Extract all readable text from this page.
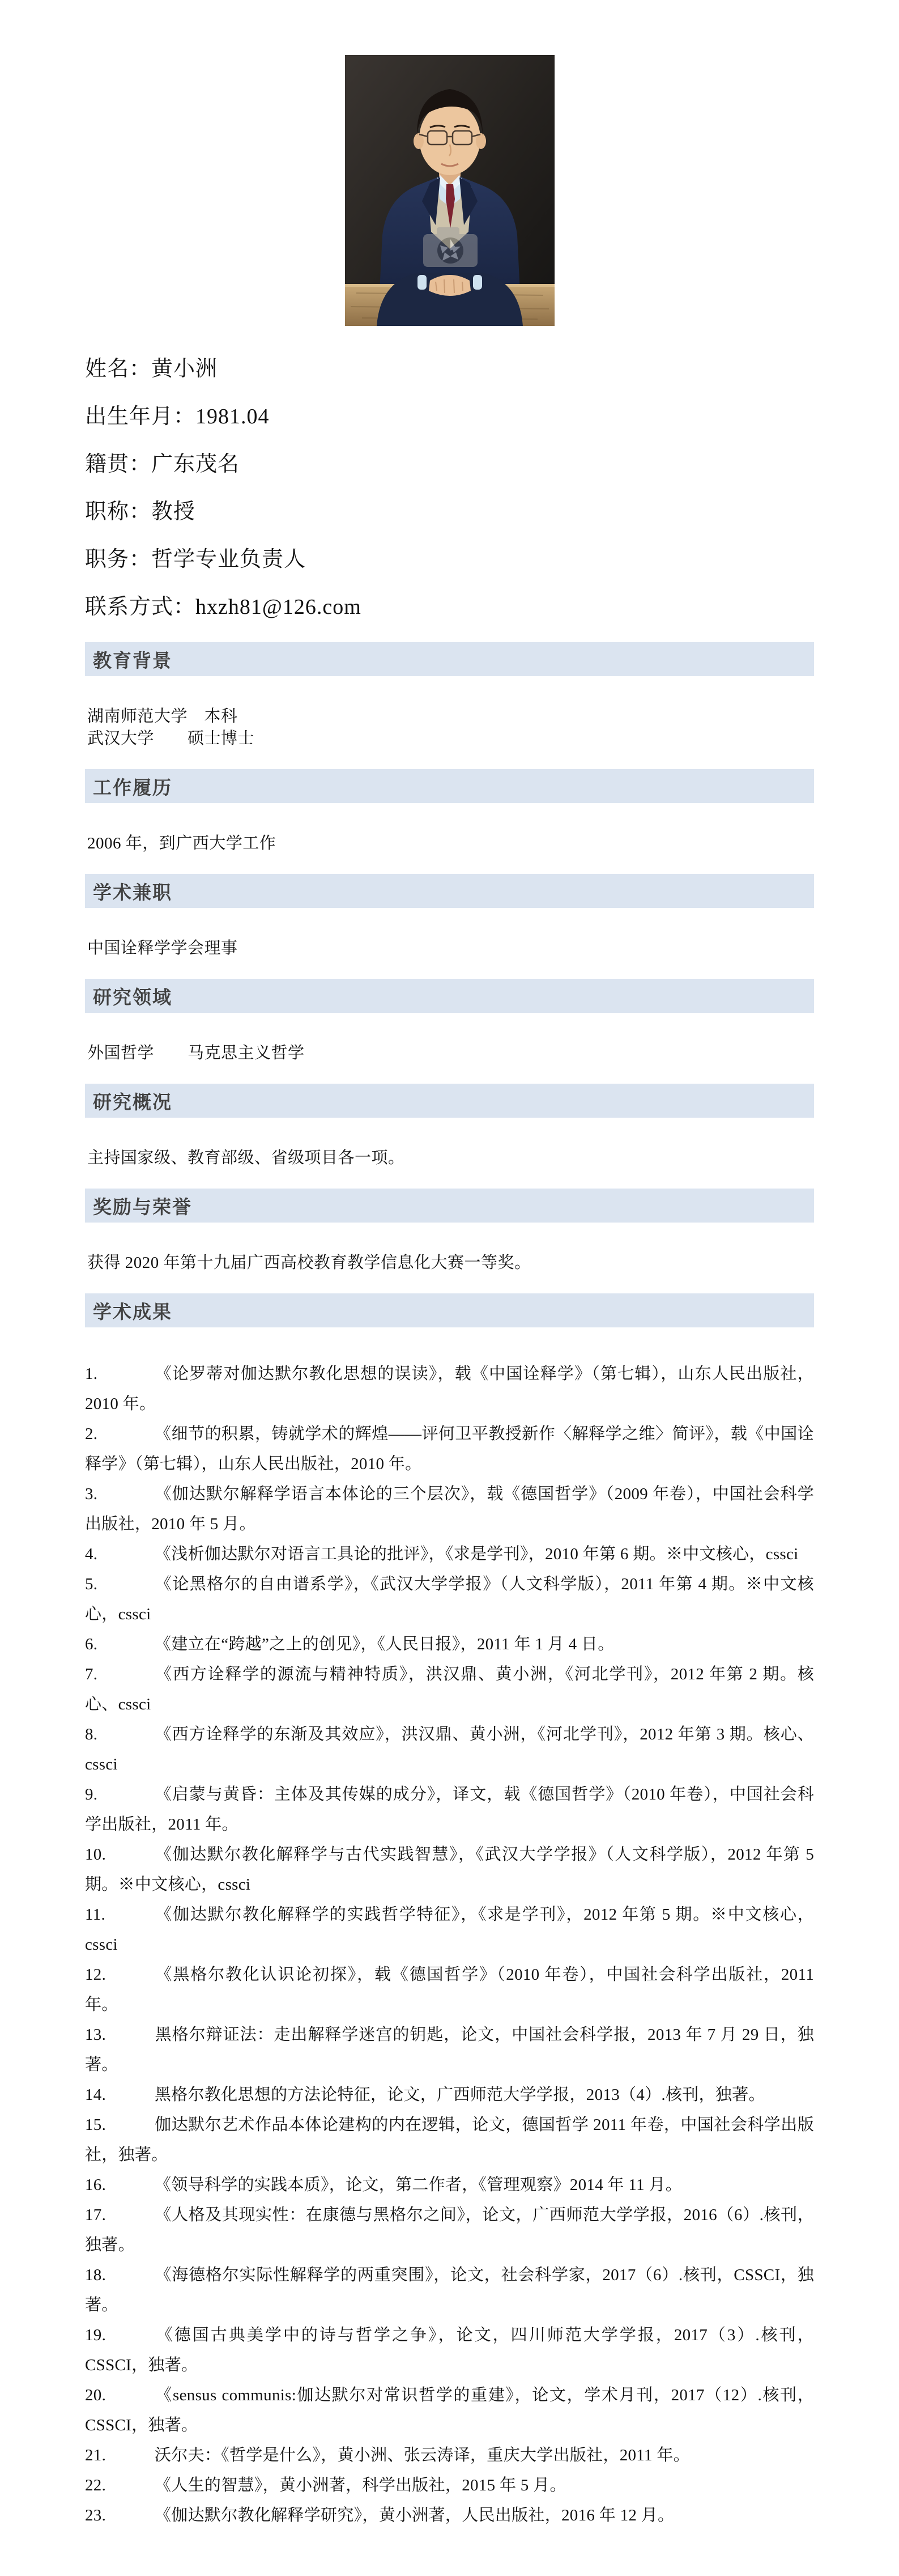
姓名：黄小洲
出生年月：1981.04
籍贯：广东茂名
职称：教授
职务：哲学专业负责人
联系方式：hxzh81@126.com
教育背景

湖南师范大学　本科

武汉大学　　硕士博士

工作履历

2006 年，到广西大学工作

学术兼职

中国诠释学学会理事

研究领域

外国哲学　　马克思主义哲学

研究概况

主持国家级、教育部级、省级项目各一项。

奖励与荣誉

获得 2020 年第十九届广西高校教育教学信息化大赛一等奖。

学术成果
1.	《论罗蒂对伽达默尔教化思想的误读》，载《中国诠释学》（第七辑），山东人民出版社，2010 年。
2.	《细节的积累，铸就学术的辉煌——评何卫平教授新作〈解释学之维〉简评》，载《中国诠释学》（第七辑），山东人民出版社，2010 年。
3.	《伽达默尔解释学语言本体论的三个层次》，载《德国哲学》（2009 年卷），中国社会科学出版社，2010 年 5 月。
4.	《浅析伽达默尔对语言工具论的批评》，《求是学刊》，2010 年第 6 期。※中文核心，cssci
5.	《论黑格尔的自由谱系学》，《武汉大学学报》（人文科学版），2011 年第 4 期。※中文核心，cssci
6.	《建立在“跨越”之上的创见》，《人民日报》，2011 年 1 月 4 日。
7.	《西方诠释学的源流与精神特质》，洪汉鼎、黄小洲，《河北学刊》，2012 年第 2 期。核心、cssci
8.	《西方诠释学的东渐及其效应》，洪汉鼎、黄小洲，《河北学刊》，2012 年第 3 期。核心、cssci
9.	《启蒙与黄昏：主体及其传媒的成分》，译文，载《德国哲学》（2010 年卷），中国社会科学出版社，2011 年。
10.	《伽达默尔教化解释学与古代实践智慧》，《武汉大学学报》（人文科学版），2012 年第 5 期。※中文核心，cssci
11.	《伽达默尔教化解释学的实践哲学特征》，《求是学刊》，2012 年第 5 期。※中文核心，cssci
12.	《黑格尔教化认识论初探》，载《德国哲学》（2010 年卷），中国社会科学出版社，2011 年。
13.	黑格尔辩证法：走出解释学迷宫的钥匙，论文，中国社会科学报，2013 年 7 月 29 日，独著。
14.	黑格尔教化思想的方法论特征，论文，广西师范大学学报，2013（4）.核刊，独著。
15.	伽达默尔艺术作品本体论建构的内在逻辑，论文，德国哲学 2011 年卷，中国社会科学出版社，独著。
16.	《领导科学的实践本质》，论文，第二作者，《管理观察》2014 年 11 月。
17.	《人格及其现实性：在康德与黑格尔之间》，论文，广西师范大学学报，2016（6）.核刊，独著。
18.	《海德格尔实际性解释学的两重突围》，论文，社会科学家，2017（6）.核刊，CSSCI，独著。
19.	《德国古典美学中的诗与哲学之争》，论文，四川师范大学学报，2017（3）.核刊，CSSCI，独著。
20.	《sensus communis:伽达默尔对常识哲学的重建》，论文，学术月刊，2017（12）.核刊，CSSCI，独著。
21.	沃尔夫：《哲学是什么》，黄小洲、张云涛译，重庆大学出版社，2011 年。
22.	《人生的智慧》，黄小洲著，科学出版社，2015 年 5 月。
23.	《伽达默尔教化解释学研究》，黄小洲著，人民出版社，2016 年 12 月。
